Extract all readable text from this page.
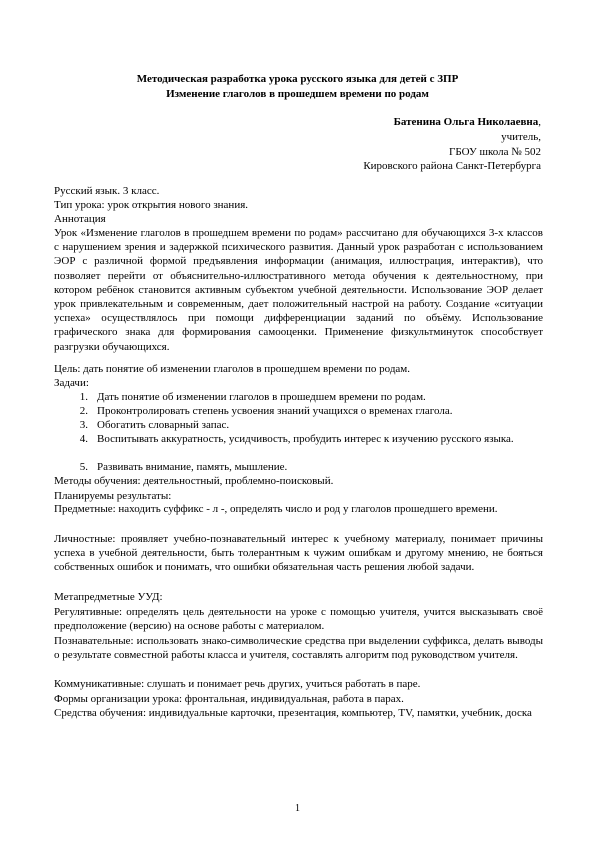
Методическая разработка урока русского языка для детей с ЗПР
Изменение глаголов в прошедшем времени по родам
Батенина Ольга Николаевна,
учитель,
ГБОУ школа № 502
Кировского района Санкт-Петербурга
Русский язык. 3 класс.
Тип урока: урок открытия нового знания.
Аннотация
Урок «Изменение глаголов в прошедшем времени по родам» рассчитано для обучающихся 3-х классов с нарушением зрения и задержкой психического развития. Данный урок разработан с использованием ЭОР с различной формой предъявления информации (анимация, иллюстрация, интерактив), что позволяет перейти от объяснительно-иллюстративного метода обучения к деятельностному, при котором ребёнок становится активным субъектом учебной деятельности. Использование ЭОР делает урок привлекательным и современным, дает положительный настрой на работу. Создание «ситуации успеха» осуществлялось при помощи дифференциации заданий по объёму. Использование графического знака для формирования самооценки. Применение физкультминуток способствует разгрузки обучающихся.
Цель: дать понятие об изменении глаголов в прошедшем времени по родам.
Задачи:
1. Дать понятие об изменении глаголов в прошедшем времени по родам.
2. Проконтролировать степень усвоения знаний учащихся о временах глагола.
3. Обогатить словарный запас.
4. Воспитывать аккуратность, усидчивость, пробудить интерес к изучению русского языка.
5. Развивать внимание, память, мышление.
Методы обучения: деятельностный, проблемно-поисковый.
Планируемы результаты:
Предметные: находить суффикс - л -, определять число и род у глаголов прошедшего времени.
Личностные: проявляет учебно-познавательный интерес к учебному материалу, понимает причины успеха в учебной деятельности, быть толерантным к чужим ошибкам и другому мнению, не бояться собственных ошибок и понимать, что ошибки обязательная часть решения любой задачи.
Метапредметные УУД:
Регулятивные: определять цель деятельности на уроке с помощью учителя, учится высказывать своё предположение (версию) на основе работы с материалом.
Познавательные: использовать знако-символические средства при выделении суффикса, делать выводы о результате совместной работы класса и учителя, составлять алгоритм под руководством учителя.
Коммуникативные: слушать и понимает речь других, учиться работать в паре.
Формы организации урока: фронтальная, индивидуальная, работа в парах.
Средства обучения: индивидуальные карточки, презентация, компьютер, TV, памятки, учебник, доска
1
